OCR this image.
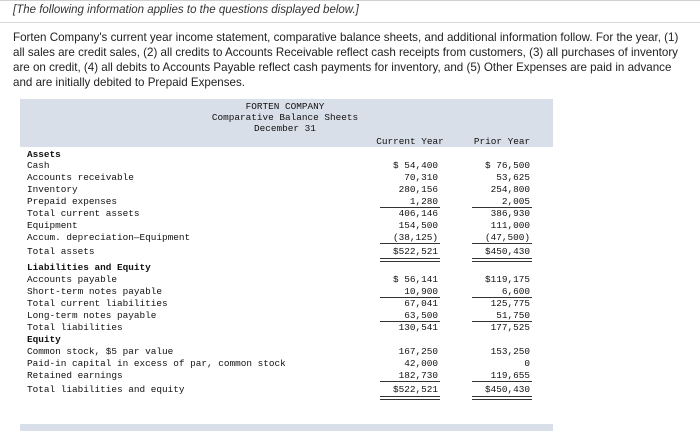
[The following information applies to the questions displayed below.]

Forten Company's current year income statement, comparative balance sheets, and additional information follow. For the year, (1) all sales are credit sales, (2) all credits to Accounts Receivable reflect cash receipts from customers, (3) all purchases of inventory are on credit, (4) all debits to Accounts Payable reflect cash payments for inventory, and (5) Other Expenses are paid in advance and are initially debited to Prepaid Expenses.

FORTEN COMPANY
Comparative Balance Sheets
December 31
Current Year	Prior Year
Assets
Cash	$ 54,400	$ 76,500
Accounts receivable	70,310	53,625
Inventory	280,156	254,800
Prepaid expenses	1,280	2,005
Total current assets	406,146	386,930
Equipment	154,500	111,000
Accum. depreciation—Equipment	(38,125)	(47,500)
Total assets	$522,521	$450,430
Liabilities and Equity
Accounts payable	$ 56,141	$119,175
Short-term notes payable	10,900	6,600
Total current liabilities	67,041	125,775
Long-term notes payable	63,500	51,750
Total liabilities	130,541	177,525
Equity
Common stock, $5 par value	167,250	153,250
Paid-in capital in excess of par, common stock	42,000	0
Retained earnings	182,730	119,655
Total liabilities and equity	$522,521	$450,430
